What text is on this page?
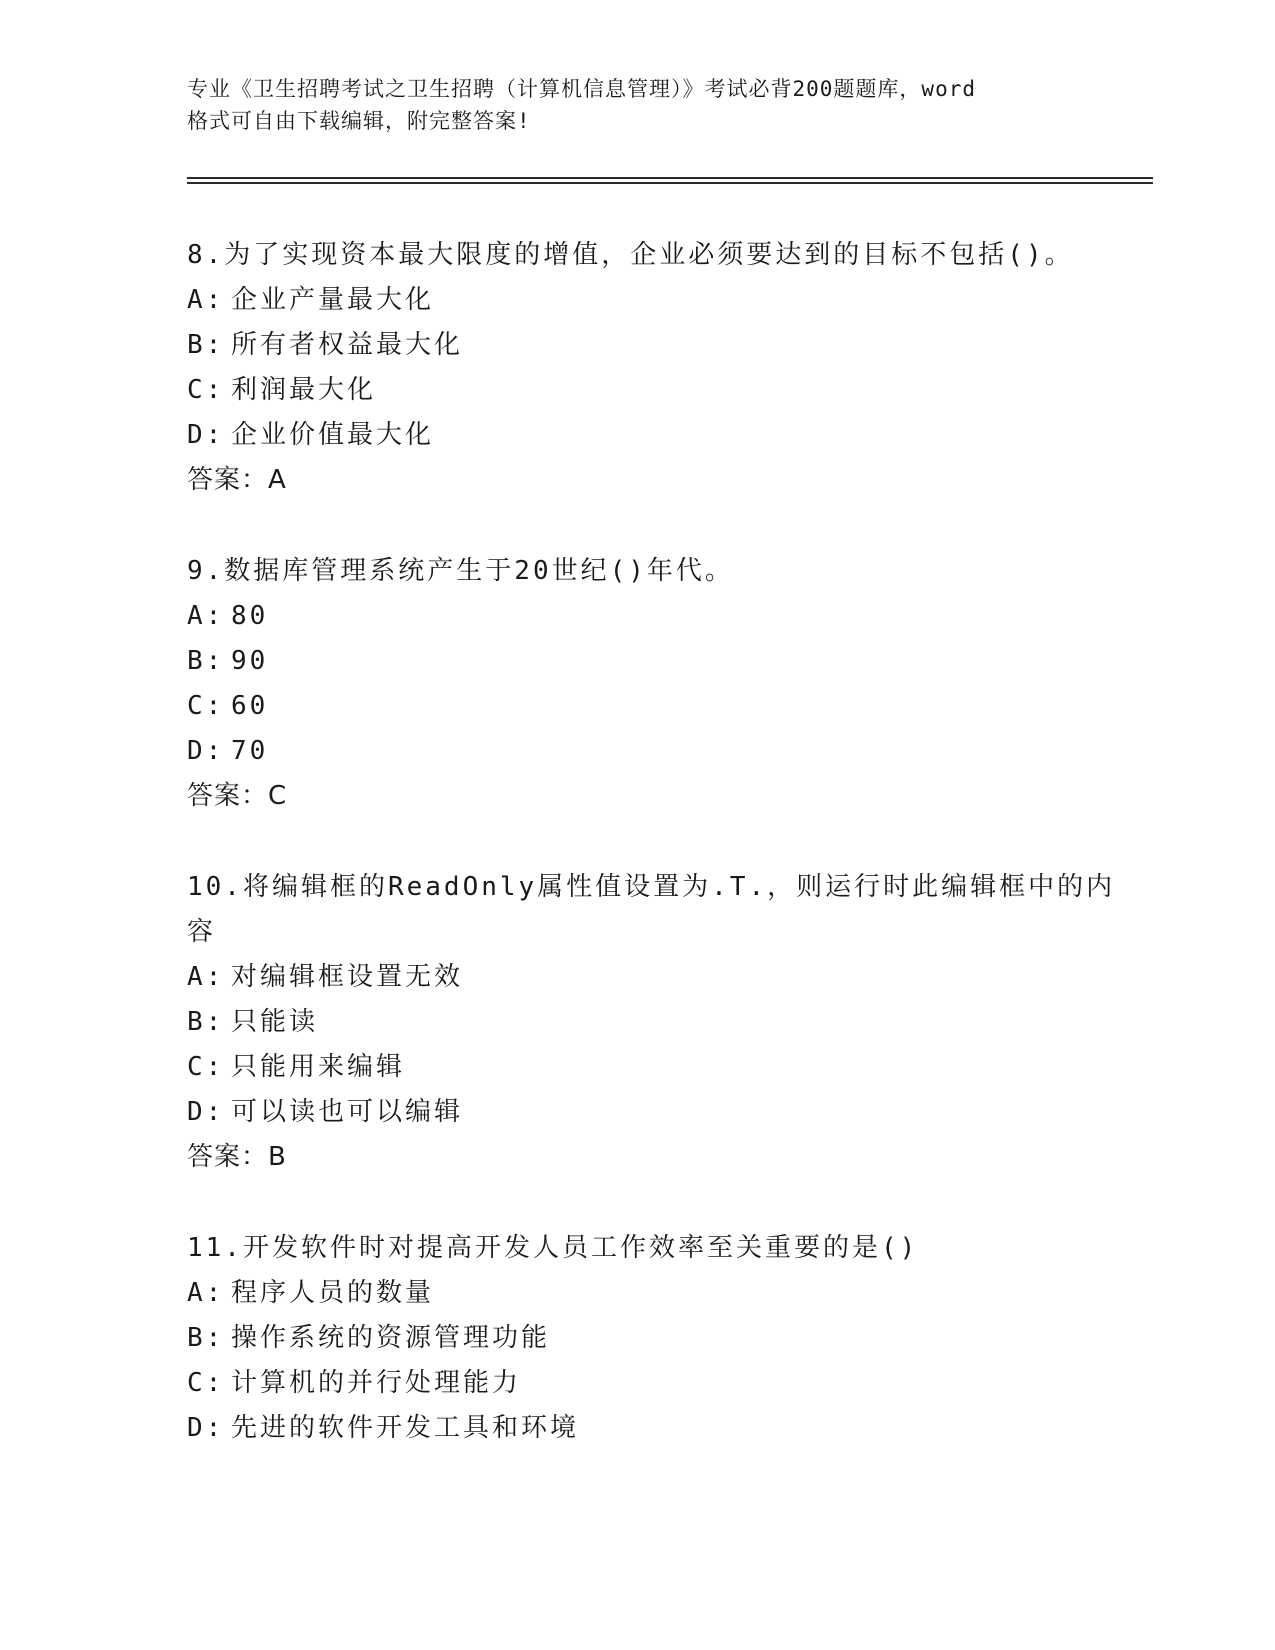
专业《卫生招聘考试之卫生招聘（计算机信息管理）》考试必背200题题库，word
格式可自由下载编辑，附完整答案!

8.为了实现资本最大限度的增值，企业必须要达到的目标不包括()。

A: 企业产量最大化

B: 所有者权益最大化

C: 利润最大化

D: 企业价值最大化

答案：A

9.数据库管理系统产生于20世纪()年代。

A: 80

B: 90

C: 60

D: 70

答案：C

10.将编辑框的ReadOnly属性值设置为.T.，则运行时此编辑框中的内

容

A: 对编辑框设置无效

B: 只能读

C: 只能用来编辑

D: 可以读也可以编辑

答案：B

11.开发软件时对提高开发人员工作效率至关重要的是()

A: 程序人员的数量

B: 操作系统的资源管理功能

C: 计算机的并行处理能力

D: 先进的软件开发工具和环境
